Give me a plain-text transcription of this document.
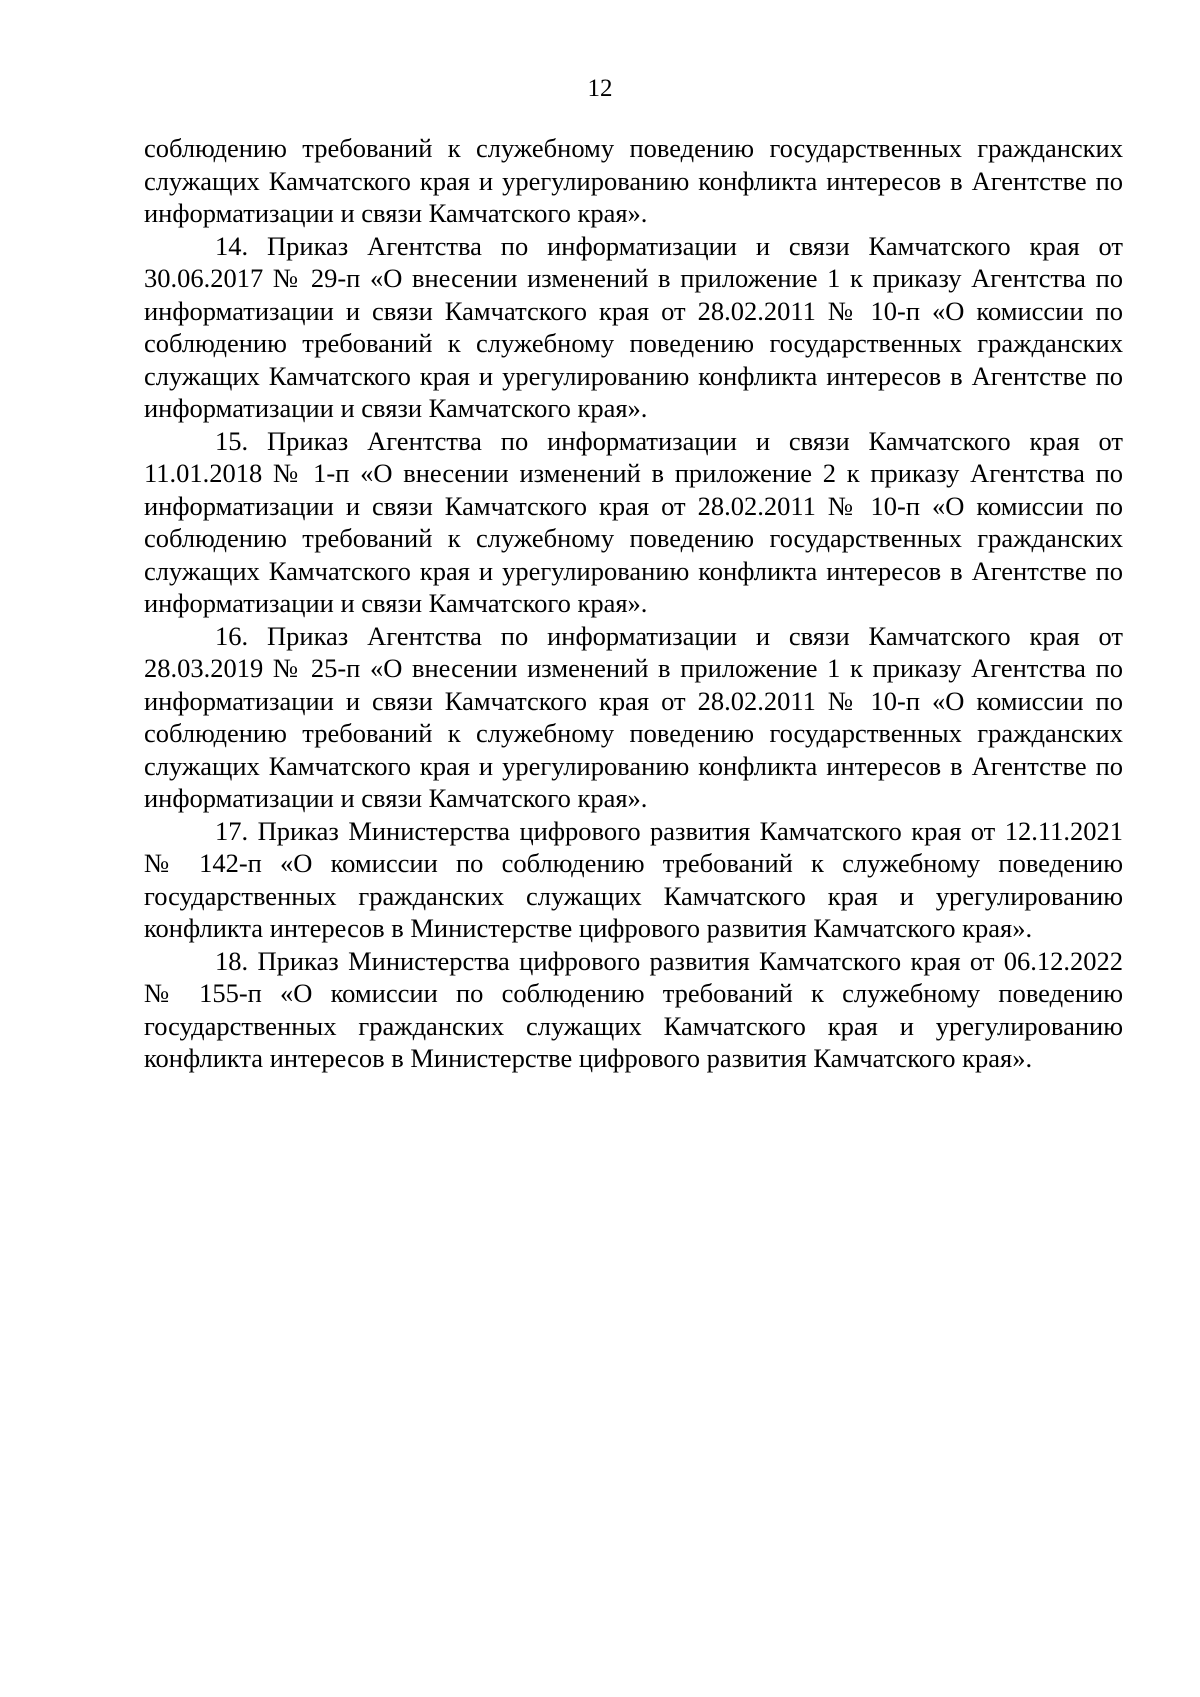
12

соблюдению требований к служебному поведению государственных гражданских служащих Камчатского края и урегулированию конфликта интересов в Агентстве по информатизации и связи Камчатского края».

14. Приказ Агентства по информатизации и связи Камчатского края от 30.06.2017 № 29-п «О внесении изменений в приложение 1 к приказу Агентства по информатизации и связи Камчатского края от 28.02.2011 № 10-п «О комиссии по соблюдению требований к служебному поведению государственных гражданских служащих Камчатского края и урегулированию конфликта интересов в Агентстве по информатизации и связи Камчатского края».

15. Приказ Агентства по информатизации и связи Камчатского края от 11.01.2018 № 1-п «О внесении изменений в приложение 2 к приказу Агентства по информатизации и связи Камчатского края от 28.02.2011 № 10-п «О комиссии по соблюдению требований к служебному поведению государственных гражданских служащих Камчатского края и урегулированию конфликта интересов в Агентстве по информатизации и связи Камчатского края».

16. Приказ Агентства по информатизации и связи Камчатского края от 28.03.2019 № 25-п «О внесении изменений в приложение 1 к приказу Агентства по информатизации и связи Камчатского края от 28.02.2011 № 10-п «О комиссии по соблюдению требований к служебному поведению государственных гражданских служащих Камчатского края и урегулированию конфликта интересов в Агентстве по информатизации и связи Камчатского края».

17. Приказ Министерства цифрового развития Камчатского края от 12.11.2021 № 142-п «О комиссии по соблюдению требований к служебному поведению государственных гражданских служащих Камчатского края и урегулированию конфликта интересов в Министерстве цифрового развития Камчатского края».

18. Приказ Министерства цифрового развития Камчатского края от 06.12.2022 № 155-п «О комиссии по соблюдению требований к служебному поведению государственных гражданских служащих Камчатского края и урегулированию конфликта интересов в Министерстве цифрового развития Камчатского края».
